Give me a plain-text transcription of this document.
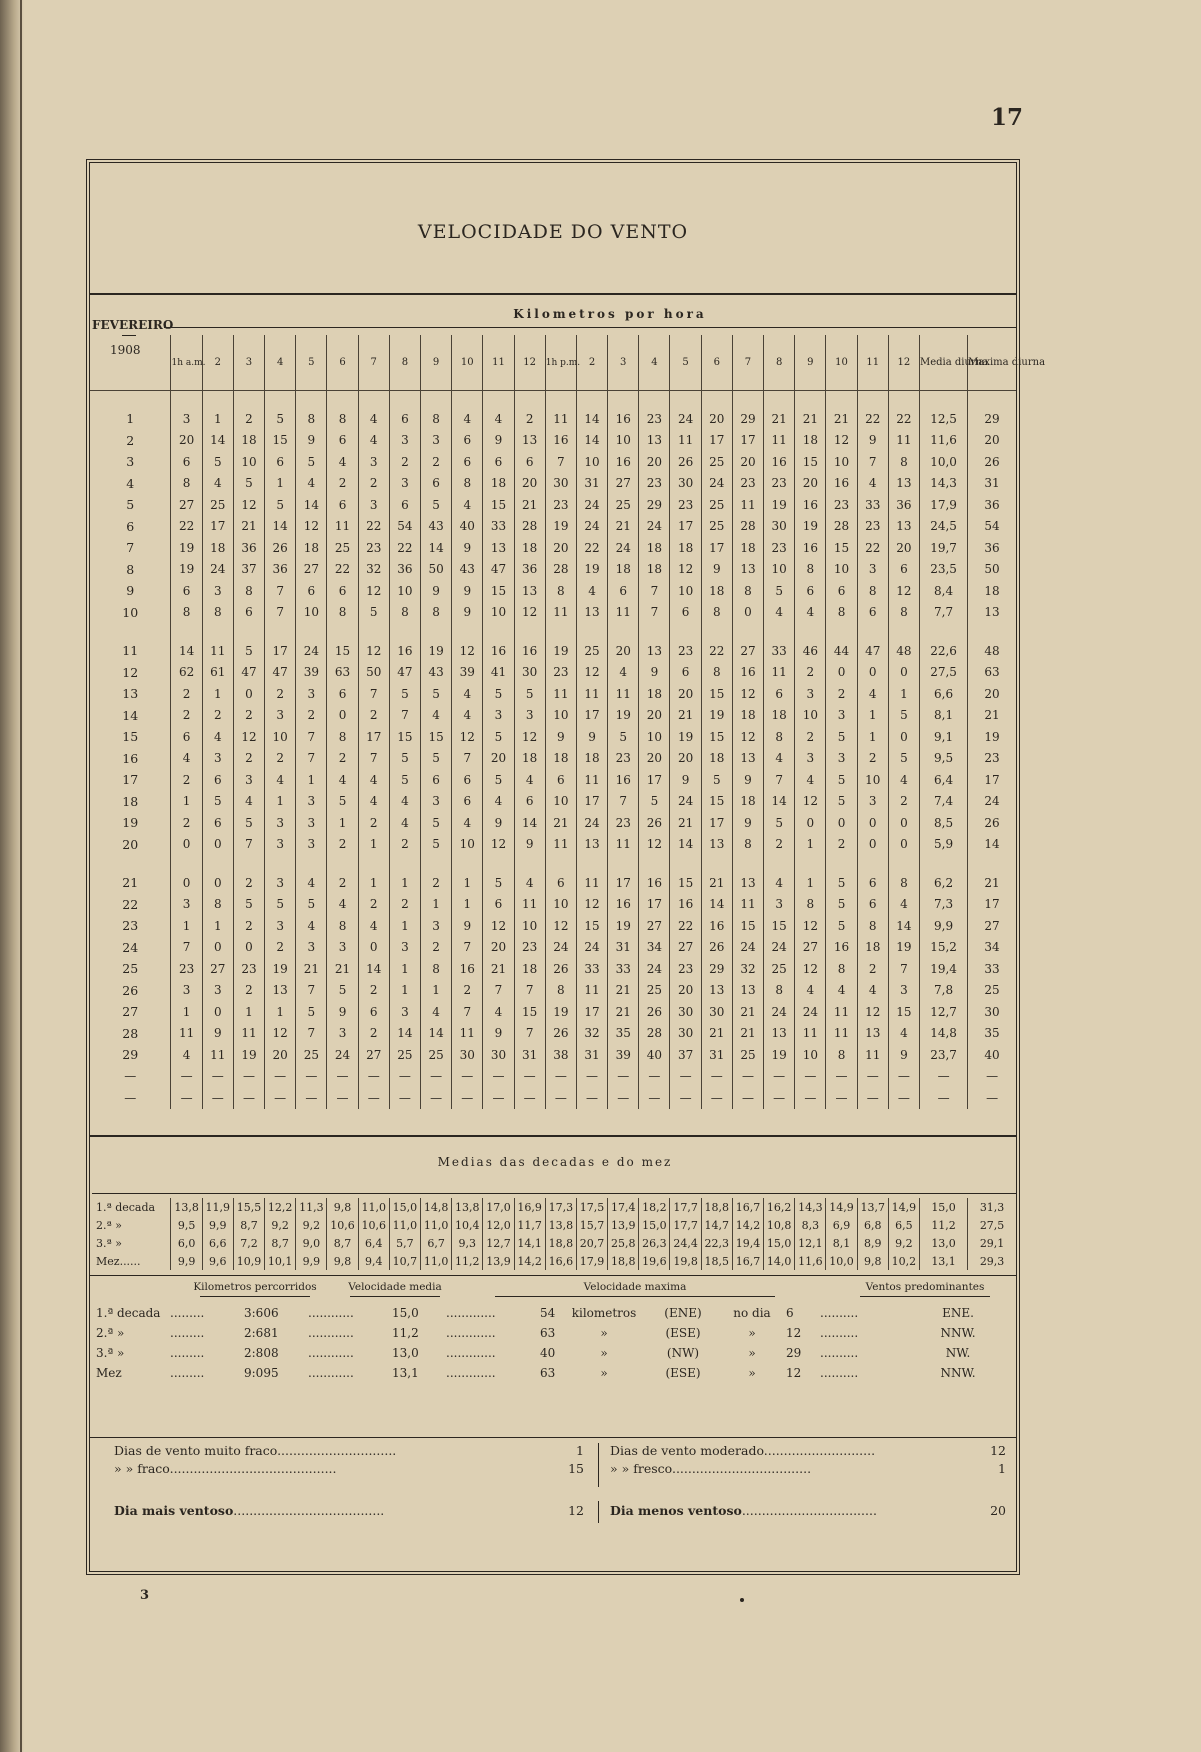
17
VELOCIDADE DO VENTO
FEVEREIRO
1908
Kilometros por hora
	1h a.m.	2	3	4	5	6	7	8	9	10	11	12	1h p.m.	2	3	4	5	6	7	8	9	10	11	12	Media diurna	Maxima diurna

1	3	1	2	5	8	8	4	6	8	4	4	2	11	14	16	23	24	20	29	21	21	21	22	22	12,5	29
2	20	14	18	15	9	6	4	3	3	6	9	13	16	14	10	13	11	17	17	11	18	12	9	11	11,6	20
3	6	5	10	6	5	4	3	2	2	6	6	6	7	10	16	20	26	25	20	16	15	10	7	8	10,0	26
4	8	4	5	1	4	2	2	3	6	8	18	20	30	31	27	23	30	24	23	23	20	16	4	13	14,3	31
5	27	25	12	5	14	6	3	6	5	4	15	21	23	24	25	29	23	25	11	19	16	23	33	36	17,9	36
6	22	17	21	14	12	11	22	54	43	40	33	28	19	24	21	24	17	25	28	30	19	28	23	13	24,5	54
7	19	18	36	26	18	25	23	22	14	9	13	18	20	22	24	18	18	17	18	23	16	15	22	20	19,7	36
8	19	24	37	36	27	22	32	36	50	43	47	36	28	19	18	18	12	9	13	10	8	10	3	6	23,5	50
9	6	3	8	7	6	6	12	10	9	9	15	13	8	4	6	7	10	18	8	5	6	6	8	12	8,4	18
10	8	8	6	7	10	8	5	8	8	9	10	12	11	13	11	7	6	8	0	4	4	8	6	8	7,7	13

11	14	11	5	17	24	15	12	16	19	12	16	16	19	25	20	13	23	22	27	33	46	44	47	48	22,6	48
12	62	61	47	47	39	63	50	47	43	39	41	30	23	12	4	9	6	8	16	11	2	0	0	0	27,5	63
13	2	1	0	2	3	6	7	5	5	4	5	5	11	11	11	18	20	15	12	6	3	2	4	1	6,6	20
14	2	2	2	3	2	0	2	7	4	4	3	3	10	17	19	20	21	19	18	18	10	3	1	5	8,1	21
15	6	4	12	10	7	8	17	15	15	12	5	12	9	9	5	10	19	15	12	8	2	5	1	0	9,1	19
16	4	3	2	2	7	2	7	5	5	7	20	18	18	18	23	20	20	18	13	4	3	3	2	5	9,5	23
17	2	6	3	4	1	4	4	5	6	6	5	4	6	11	16	17	9	5	9	7	4	5	10	4	6,4	17
18	1	5	4	1	3	5	4	4	3	6	4	6	10	17	7	5	24	15	18	14	12	5	3	2	7,4	24
19	2	6	5	3	3	1	2	4	5	4	9	14	21	24	23	26	21	17	9	5	0	0	0	0	8,5	26
20	0	0	7	3	3	2	1	2	5	10	12	9	11	13	11	12	14	13	8	2	1	2	0	0	5,9	14

21	0	0	2	3	4	2	1	1	2	1	5	4	6	11	17	16	15	21	13	4	1	5	6	8	6,2	21
22	3	8	5	5	5	4	2	2	1	1	6	11	10	12	16	17	16	14	11	3	8	5	6	4	7,3	17
23	1	1	2	3	4	8	4	1	3	9	12	10	12	15	19	27	22	16	15	15	12	5	8	14	9,9	27
24	7	0	0	2	3	3	0	3	2	7	20	23	24	24	31	34	27	26	24	24	27	16	18	19	15,2	34
25	23	27	23	19	21	21	14	1	8	16	21	18	26	33	33	24	23	29	32	25	12	8	2	7	19,4	33
26	3	3	2	13	7	5	2	1	1	2	7	7	8	11	21	25	20	13	13	8	4	4	4	3	7,8	25
27	1	0	1	1	5	9	6	3	4	7	4	15	19	17	21	26	30	30	21	24	24	11	12	15	12,7	30
28	11	9	11	12	7	3	2	14	14	11	9	7	26	32	35	28	30	21	21	13	11	11	13	4	14,8	35
29	4	11	19	20	25	24	27	25	25	30	30	31	38	31	39	40	37	31	25	19	10	8	11	9	23,7	40
—	—	—	—	—	—	—	—	—	—	—	—	—	—	—	—	—	—	—	—	—	—	—	—	—	—	—
—	—	—	—	—	—	—	—	—	—	—	—	—	—	—	—	—	—	—	—	—	—	—	—	—	—	—
Medias das decadas e do mez
1.ª decada	13,8	11,9	15,5	12,2	11,3	9,8	11,0	15,0	14,8	13,8	17,0	16,9	17,3	17,5	17,4	18,2	17,7	18,8	16,7	16,2	14,3	14,9	13,7	14,9	15,0	31,3
2.ª »	9,5	9,9	8,7	9,2	9,2	10,6	10,6	11,0	11,0	10,4	12,0	11,7	13,8	15,7	13,9	15,0	17,7	14,7	14,2	10,8	8,3	6,9	6,8	6,5	11,2	27,5
3.ª »	6,0	6,6	7,2	8,7	9,0	8,7	6,4	5,7	6,7	9,3	12,7	14,1	18,8	20,7	25,8	26,3	24,4	22,3	19,4	15,0	12,1	8,1	8,9	9,2	13,0	29,1
Mez......	9,9	9,6	10,9	10,1	9,9	9,8	9,4	10,7	11,0	11,2	13,9	14,2	16,6	17,9	18,8	19,6	19,8	18,5	16,7	14,0	11,6	10,0	9,8	10,2	13,1	29,3
Kilometros percorridos	Velocidade media	Velocidade maxima	Ventos predominantes
1.ª decada	.........	3:606	............	15,0	.............	54	kilometros	(ENE)	no dia	6	..........	ENE.
2.ª »	.........	2:681	............	11,2	.............	63	»	(ESE)	»	12	..........	NNW.
3.ª »	.........	2:808	............	13,0	.............	40	»	(NW)	»	29	..........	NW.
Mez	.........	9:095	............	13,1	.............	63	»	(ESE)	»	12	..........	NNW.
Dias de vento muito fraco..............................	1
» » fraco..........................................	15
Dias de vento moderado............................	12
» » fresco...................................	1
Dia mais ventoso......................................	12 Dia menos ventoso..................................	20
3
